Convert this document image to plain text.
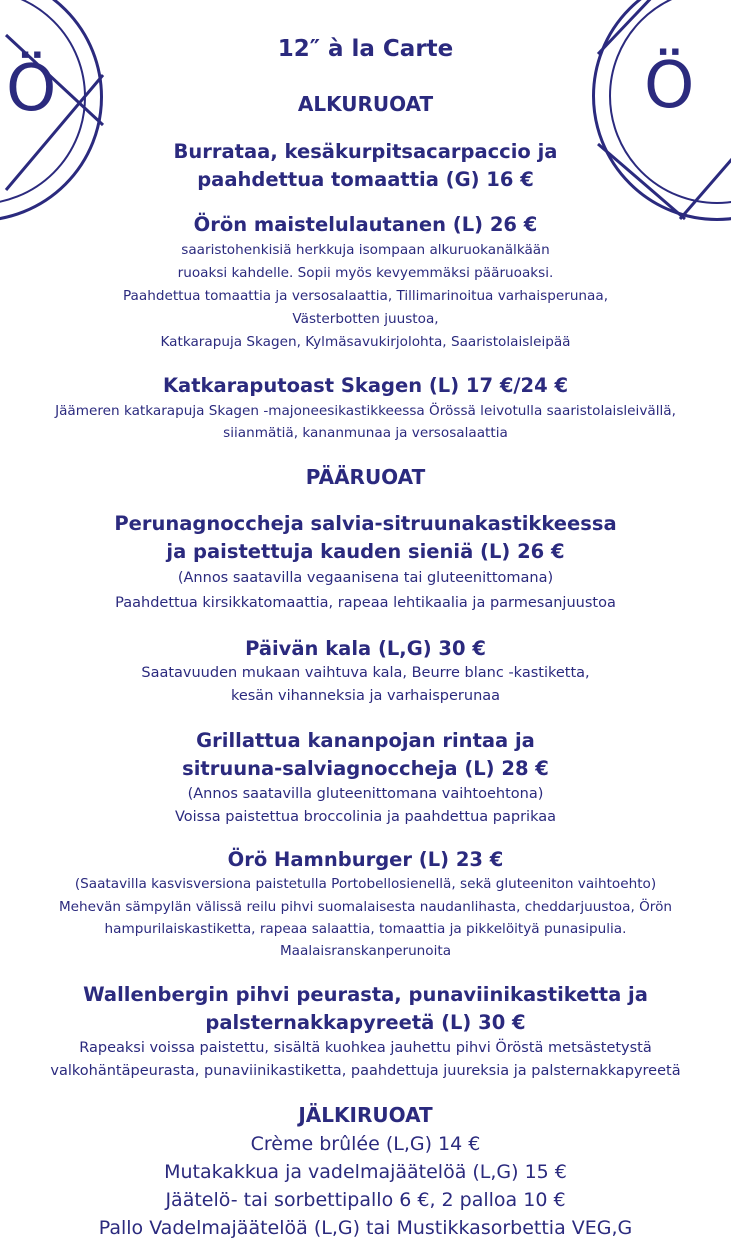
Ö	Ö
12″ à la Carte
ALKURUOAT
Burrataa, kesäkurpitsacarpaccio ja
paahdettua tomaattia (G) 16 €
Örön maistelulautanen (L) 26 €
saaristohenkisiä herkkuja isompaan alkuruokanälkään
ruoaksi kahdelle. Sopii myös kevyemmäksi pääruoaksi.
Paahdettua tomaattia ja versosalaattia, Tillimarinoitua varhaisperunaa,
Västerbotten juustoa,
Katkarapuja Skagen, Kylmäsavukirjolohta, Saaristolaisleipää
Katkaraputoast Skagen (L) 17 €/24 €
Jäämeren katkarapuja Skagen -majoneesikastikkeessa Örössä leivotulla saaristolaisleivällä,
siianmätiä, kananmunaa ja versosalaattia
PÄÄRUOAT
Perunagnoccheja salvia-sitruunakastikkeessa
ja paistettuja kauden sieniä (L) 26 €
(Annos saatavilla vegaanisena tai gluteenittomana)
Paahdettua kirsikkatomaattia, rapeaa lehtikaalia ja parmesanjuustoa
Päivän kala (L,G) 30 €
Saatavuuden mukaan vaihtuva kala, Beurre blanc -kastiketta,
kesän vihanneksia ja varhaisperunaa
Grillattua kananpojan rintaa ja
sitruuna-salviagnoccheja (L) 28 €
(Annos saatavilla gluteenittomana vaihtoehtona)
Voissa paistettua broccolinia ja paahdettua paprikaa
Örö Hamnburger (L) 23 €
(Saatavilla kasvisversiona paistetulla Portobellosienellä, sekä gluteeniton vaihtoehto)
Mehevän sämpylän välissä reilu pihvi suomalaisesta naudanlihasta, cheddarjuustoa, Örön
hampurilaiskastiketta, rapeaa salaattia, tomaattia ja pikkelöityä punasipulia.
Maalaisranskanperunoita
Wallenbergin pihvi peurasta, punaviinikastiketta ja
palsternakkapyreetä (L) 30 €
Rapeaksi voissa paistettu, sisältä kuohkea jauhettu pihvi Öröstä metsästetystä
valkohäntäpeurasta, punaviinikastiketta, paahdettuja juureksia ja palsternakkapyreetä
JÄLKIRUOAT
Crème brûlée (L,G) 14 €
Mutakakkua ja vadelmajäätelöä (L,G) 15 €
Jäätelö- tai sorbettipallo 6 €, 2 palloa 10 €
Pallo Vadelmajäätelöä (L,G) tai Mustikkasorbettia VEG,G
